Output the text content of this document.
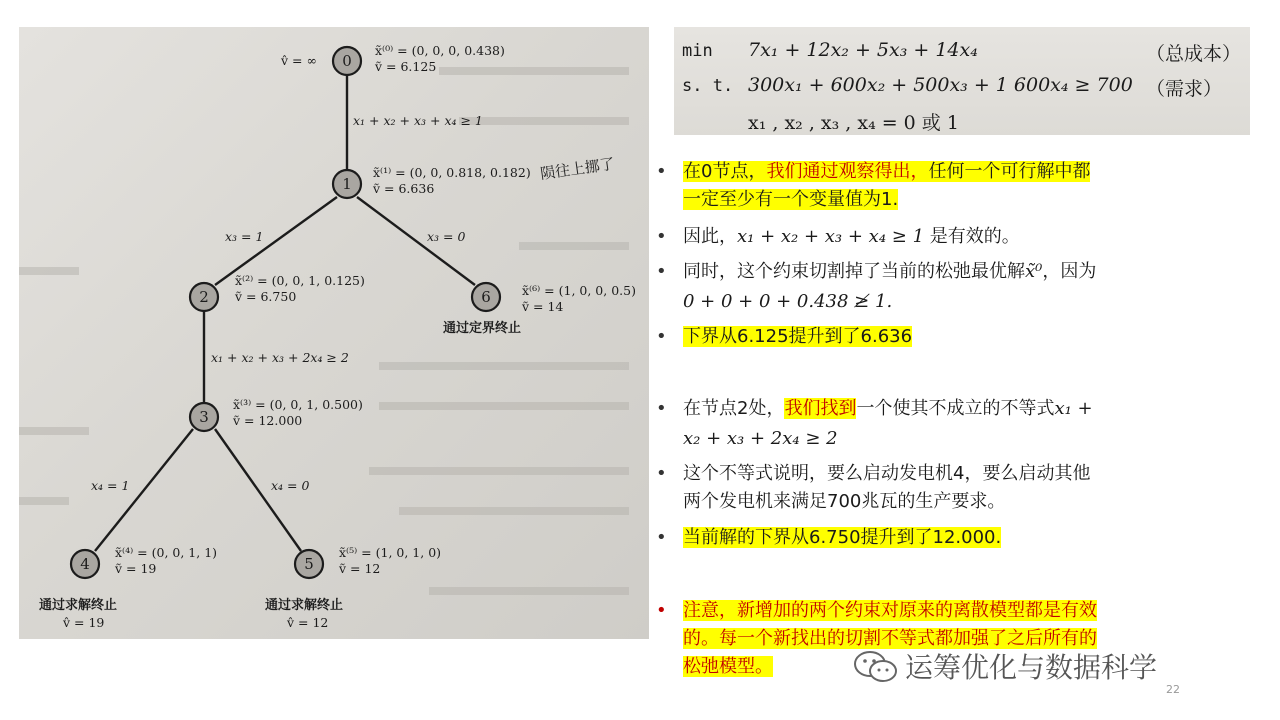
0
1
2	6
3
4	5
v̂ = ∞
x̃⁽⁰⁾ = (0, 0, 0, 0.438)
ṽ = 6.125
x̃⁽¹⁾ = (0, 0, 0.818, 0.182)
ṽ = 6.636
x̃⁽²⁾ = (0, 0, 1, 0.125)
ṽ = 6.750	x̃⁽⁶⁾ = (1, 0, 0, 0.5)
ṽ = 14
x̃⁽³⁾ = (0, 0, 1, 0.500)
ṽ = 12.000
x̃⁽⁴⁾ = (0, 0, 1, 1)
ṽ = 19
x̃⁽⁵⁾ = (1, 0, 1, 0)
ṽ = 12
x₁ + x₂ + x₃ + x₄ ≥ 1
x₃ = 1	x₃ = 0
x₁ + x₂ + x₃ + 2x₄ ≥ 2
x₄ = 1	x₄ = 0
陨往上挪了
通过定界终止
通过求解终止	通过求解终止
v̂ = 19	v̂ = 12
min 7x₁ + 12x₂ + 5x₃ + 14x₄	（总成本）
s. t. 300x₁ + 600x₂ + 500x₃ + 1 600x₄ ≥ 700 （需求）
x₁ , x₂ , x₃ , x₄ = 0 或 1
• 在0节点，我们通过观察得出，任何一个可行解中都
一定至少有一个变量值为1.
• 因此，x₁ + x₂ + x₃ + x₄ ≥ 1 是有效的。
• 同时，这个约束切割掉了当前的松弛最优解x̃⁰，因为
0 + 0 + 0 + 0.438 ≱ 1.
• 下界从6.125提升到了6.636
• 在节点2处，我们找到一个使其不成立的不等式x₁ +
x₂ + x₃ + 2x₄ ≥ 2
• 这个不等式说明，要么启动发电机4，要么启动其他
两个发电机来满足700兆瓦的生产要求。
• 当前解的下界从6.750提升到了12.000.
• 注意，新增加的两个约束对原来的离散模型都是有效
的。每一个新找出的切割不等式都加强了之后所有的
松弛模型。	运筹优化与数据科学
22
